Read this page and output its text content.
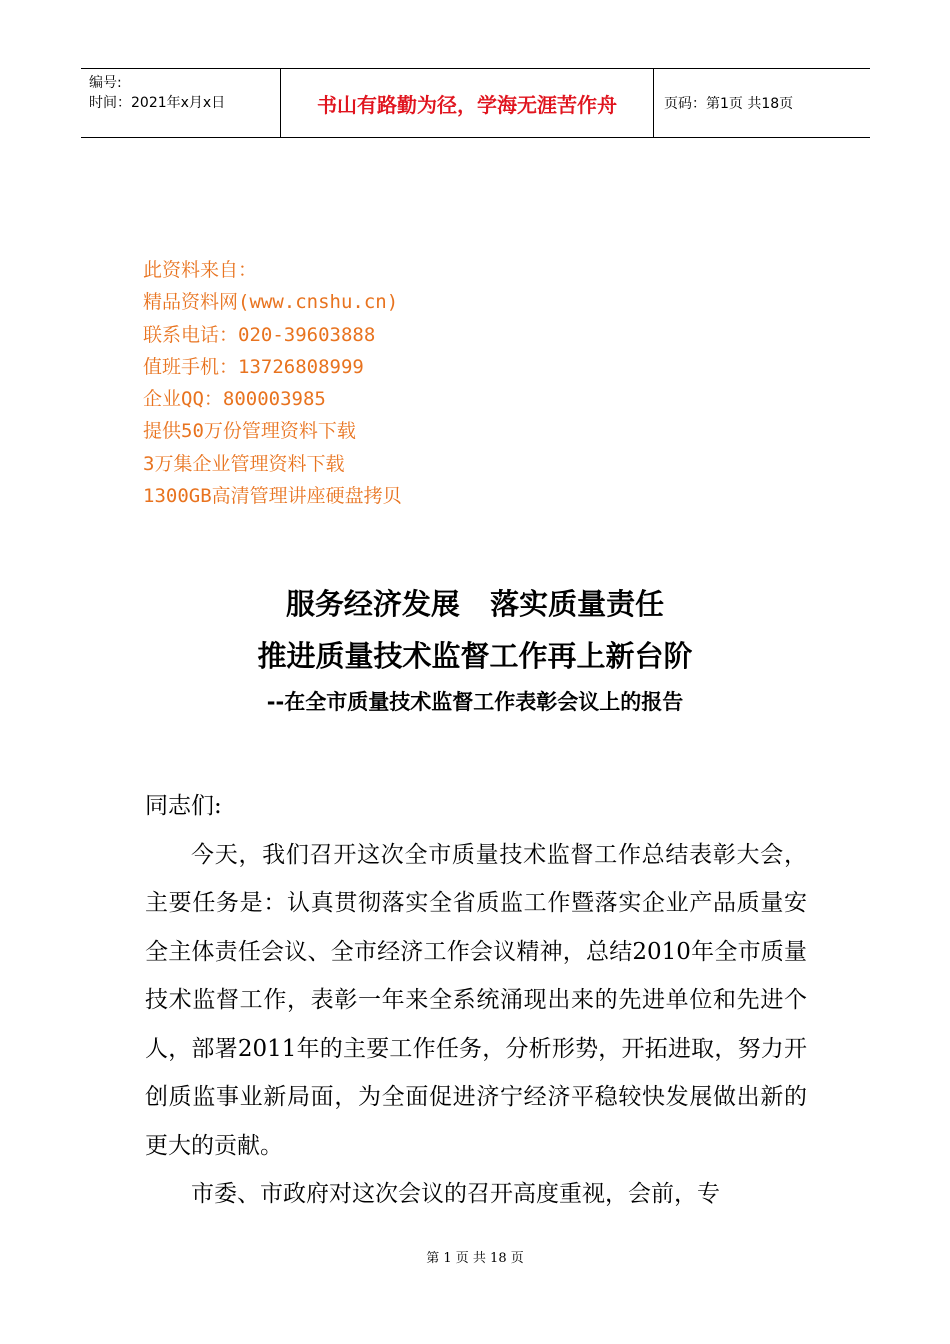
编号:
时间：2021年x月x日	书山有路勤为径，学海无涯苦作舟	页码：第1页 共18页
此资料来自：
精品资料网(www.cnshu.cn)
联系电话：020-39603888
值班手机：13726808999
企业QQ：800003985
提供50万份管理资料下载
3万集企业管理资料下载
1300GB高清管理讲座硬盘拷贝
服务经济发展   落实质量责任
推进质量技术监督工作再上新台阶
--在全市质量技术监督工作表彰会议上的报告

同志们:

今天，我们召开这次全市质量技术监督工作总结表彰大会，主要任务是：认真贯彻落实全省质监工作暨落实企业产品质量安全主体责任会议、全市经济工作会议精神，总结2010年全市质量技术监督工作，表彰一年来全系统涌现出来的先进单位和先进个人，部署2011年的主要工作任务，分析形势，开拓进取，努力开创质监事业新局面，为全面促进济宁经济平稳较快发展做出新的更大的贡献。

市委、市政府对这次会议的召开高度重视，会前，专

第 1 页 共 18 页
